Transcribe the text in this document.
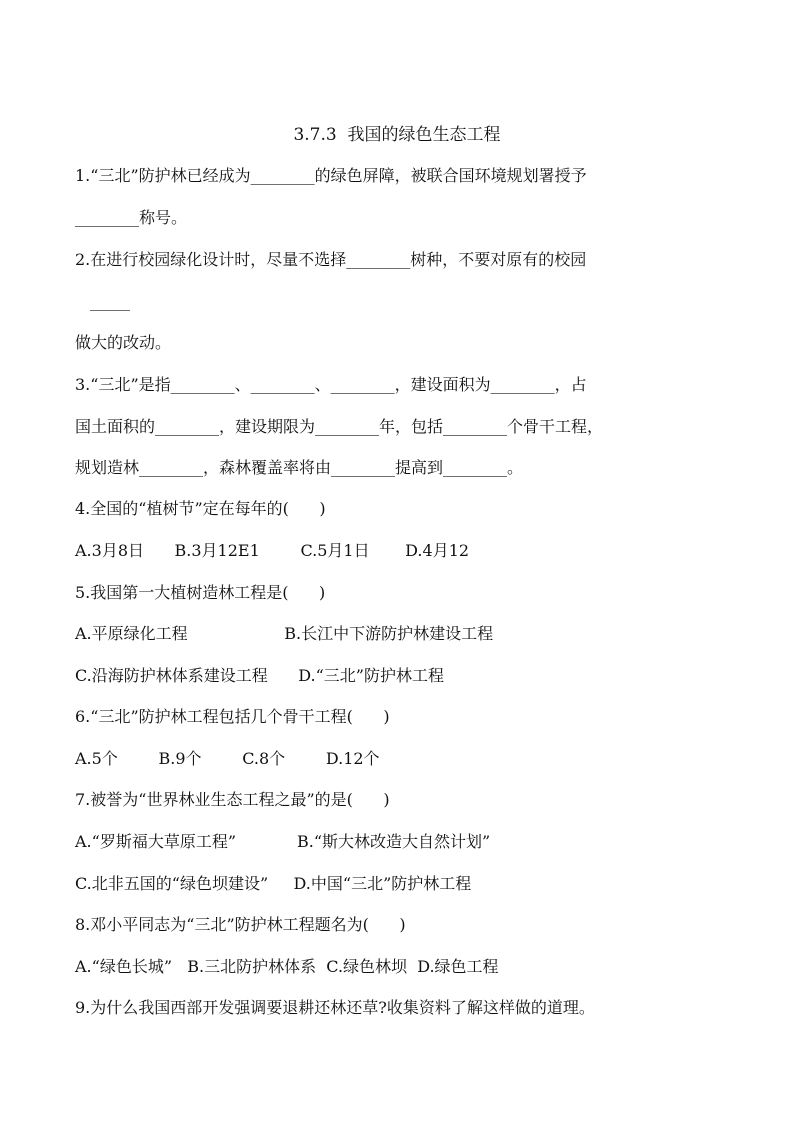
3.7.3  我国的绿色生态工程
1.“三北”防护林已经成为________的绿色屏障，被联合国环境规划署授予
________称号。
2.在进行校园绿化设计时，尽量不选择________树种，不要对原有的校园
_____
做大的改动。
3.“三北”是指________、________、________，建设面积为________，占
国土面积的________，建设期限为________年，包括________个骨干工程，
规划造林________，森林覆盖率将由________提高到________。
4.全国的“植树节”定在每年的(      )
A.3月8日      B.3月12E1        C.5月1日       D.4月12
5.我国第一大植树造林工程是(      )
A.平原绿化工程                   B.长江中下游防护林建设工程
C.沿海防护林体系建设工程      D.“三北”防护林工程
6.“三北”防护林工程包括几个骨干工程(      )
A.5个        B.9个        C.8个        D.12个
7.被誉为“世界林业生态工程之最”的是(      )
A.“罗斯福大草原工程”            B.“斯大林改造大自然计划”
C.北非五国的“绿色坝建设”     D.中国“三北”防护林工程
8.邓小平同志为“三北”防护林工程题名为(      )
A.“绿色长城”   B.三北防护林体系  C.绿色林坝  D.绿色工程
9.为什么我国西部开发强调要退耕还林还草?收集资料了解这样做的道理。
